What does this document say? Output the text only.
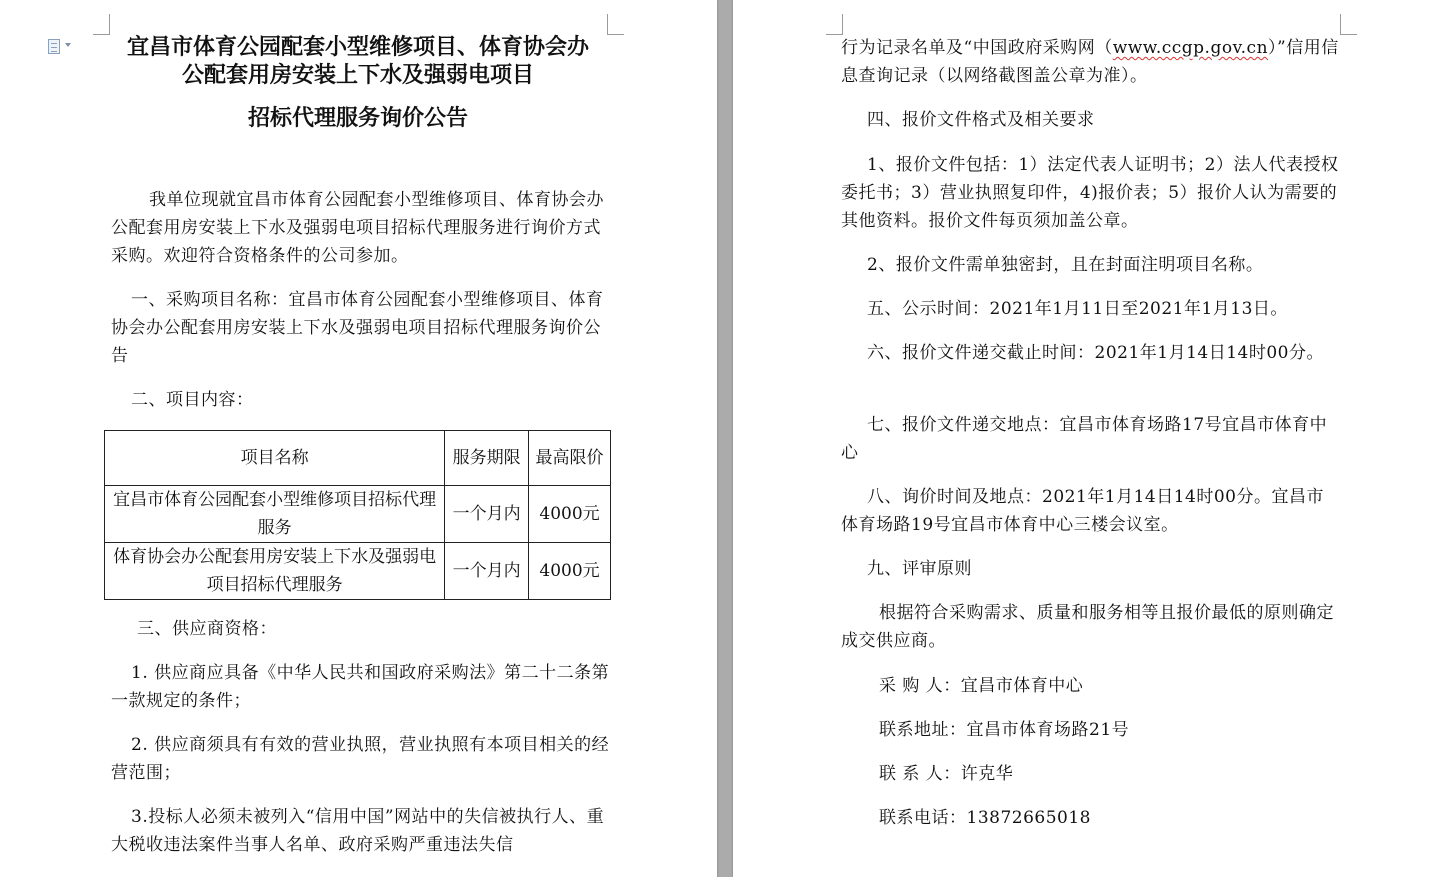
宜昌市体育公园配套小型维修项目、体育协会办
公配套用房安装上下水及强弱电项目
招标代理服务询价公告

我单位现就宜昌市体育公园配套小型维修项目、体育协会办公配套用房安装上下水及强弱电项目招标代理服务进行询价方式采购。欢迎符合资格条件的公司参加。

一、采购项目名称：宜昌市体育公园配套小型维修项目、体育协会办公配套用房安装上下水及强弱电项目招标代理服务询价公告

二、项目内容：

项目名称	服务期限	最高限价
宜昌市体育公园配套小型维修项目招标代理服务	一个月内	4000元
体育协会办公配套用房安装上下水及强弱电项目招标代理服务	一个月内	4000元

三、供应商资格：

1. 供应商应具备《中华人民共和国政府采购法》第二十二条第一款规定的条件；

2. 供应商须具有有效的营业执照，营业执照有本项目相关的经营范围；

3.投标人必须未被列入“信用中国”网站中的失信被执行人、重大税收违法案件当事人名单、政府采购严重违法失信

行为记录名单及“中国政府采购网（www.ccgp.gov.cn）”信用信息查询记录（以网络截图盖公章为准）。

四、报价文件格式及相关要求

1、报价文件包括：1）法定代表人证明书；2）法人代表授权委托书；3）营业执照复印件，4)报价表；5）报价人认为需要的其他资料。报价文件每页须加盖公章。

2、报价文件需单独密封，且在封面注明项目名称。

五、公示时间：2021年1月11日至2021年1月13日。

六、报价文件递交截止时间：2021年1月14日14时00分。

七、报价文件递交地点：宜昌市体育场路17号宜昌市体育中心

八、询价时间及地点：2021年1月14日14时00分。宜昌市体育场路19号宜昌市体育中心三楼会议室。

九、评审原则

根据符合采购需求、质量和服务相等且报价最低的原则确定成交供应商。

采 购 人：宜昌市体育中心

联系地址：宜昌市体育场路21号

联 系 人：许克华

联系电话：13872665018
